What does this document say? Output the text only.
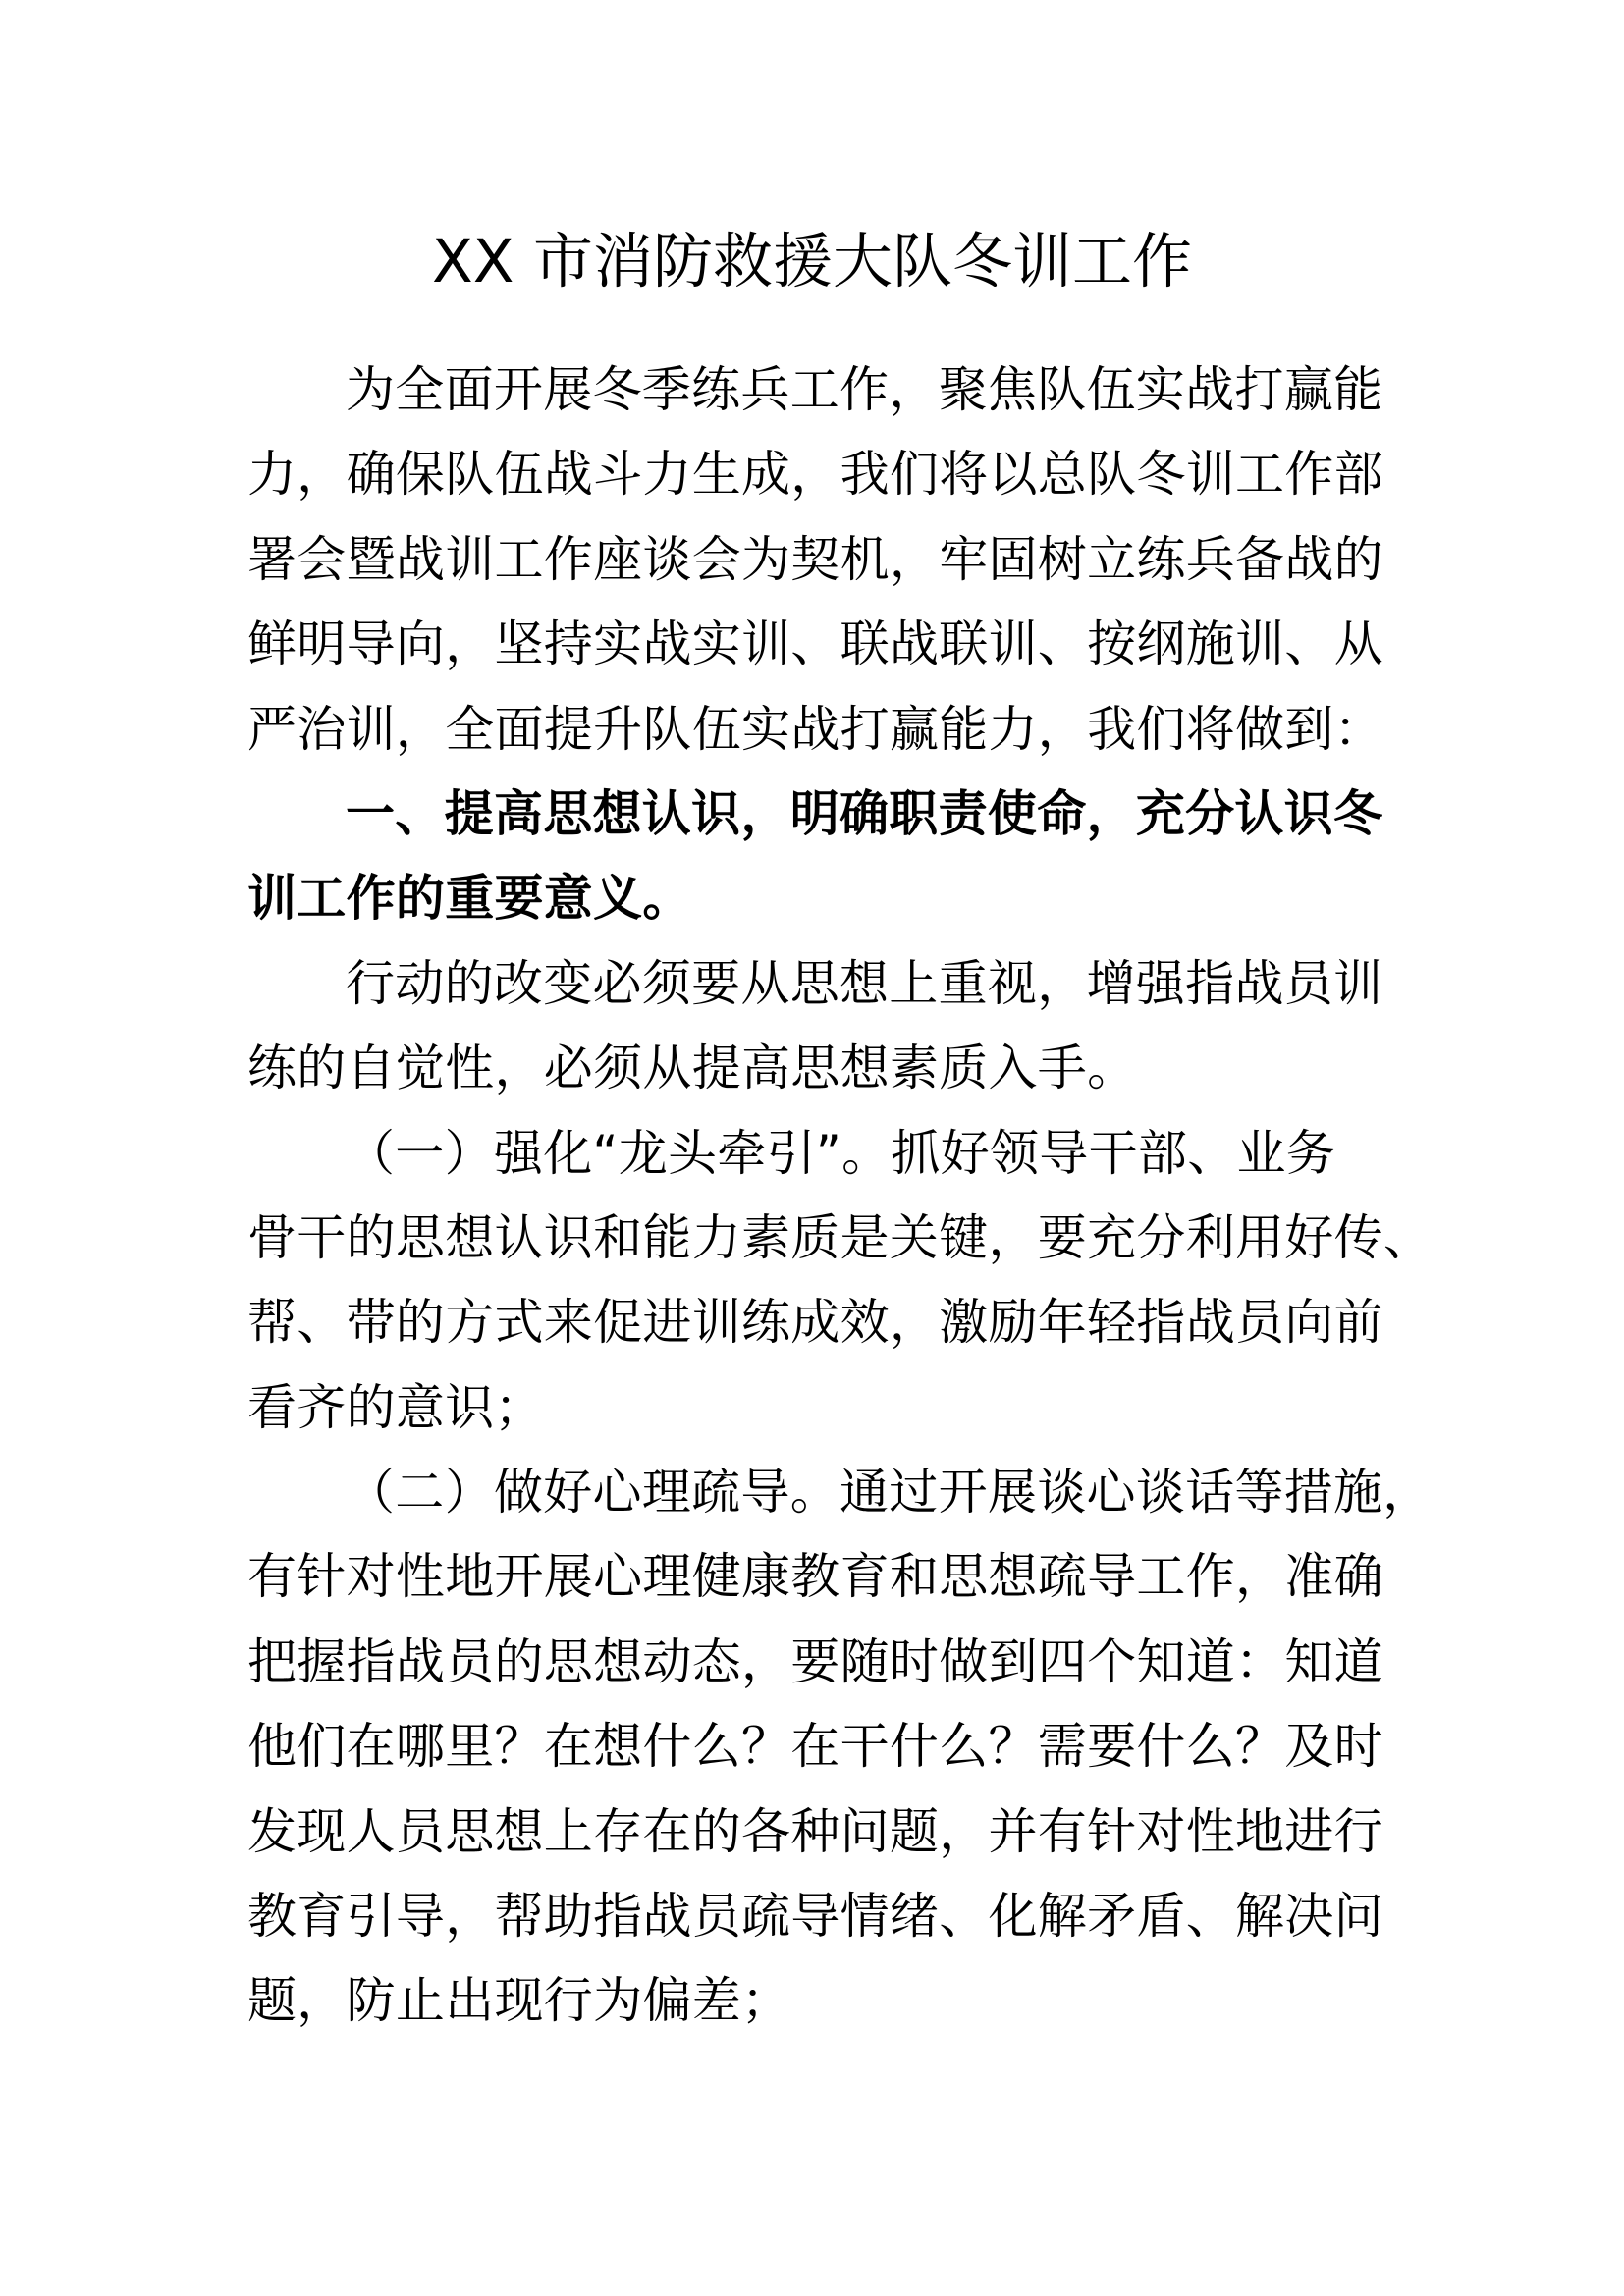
XX 市消防救援大队冬训工作
为全面开展冬季练兵工作，聚焦队伍实战打赢能
力，确保队伍战斗力生成，我们将以总队冬训工作部
署会暨战训工作座谈会为契机，牢固树立练兵备战的
鲜明导向，坚持实战实训、联战联训、按纲施训、从
严治训，全面提升队伍实战打赢能力，我们将做到：
一、提高思想认识，明确职责使命，充分认识冬
训工作的重要意义。
行动的改变必须要从思想上重视，增强指战员训
练的自觉性，必须从提高思想素质入手。
（一）强化“龙头牵引”。抓好领导干部、业务
骨干的思想认识和能力素质是关键，要充分利用好传、
帮、带的方式来促进训练成效，激励年轻指战员向前
看齐的意识；
（二）做好心理疏导。通过开展谈心谈话等措施，
有针对性地开展心理健康教育和思想疏导工作，准确
把握指战员的思想动态，要随时做到四个知道：知道
他们在哪里？在想什么？在干什么？需要什么？及时
发现人员思想上存在的各种问题，并有针对性地进行
教育引导，帮助指战员疏导情绪、化解矛盾、解决问
题，防止出现行为偏差；
